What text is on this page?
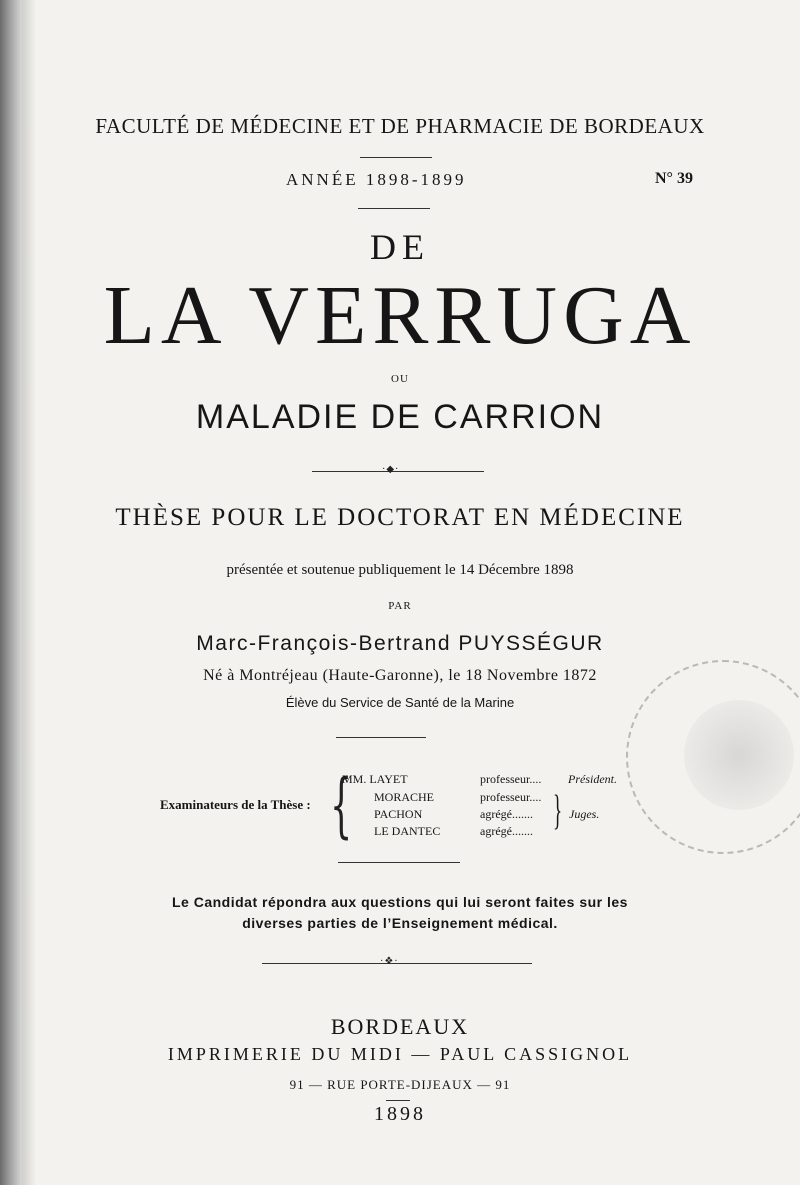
FACULTÉ DE MÉDECINE ET DE PHARMACIE DE BORDEAUX
ANNÉE 1898-1899	N° 39
DE
LA VERRUGA
OU
MALADIE DE CARRION
·◆·
THÈSE POUR LE DOCTORAT EN MÉDECINE
présentée et soutenue publiquement le 14 Décembre 1898
PAR
Marc-François-Bertrand PUYSSÉGUR
Né à Montréjeau (Haute-Garonne), le 18 Novembre 1872
Élève du Service de Santé de la Marine
Examinateurs de la Thèse : {
MM. LAYET	professeur.... Président.
MORACHE	professeur....
PACHON	agrégé.......	Juges.
LE DANTEC	agrégé....... }
Le Candidat répondra aux questions qui lui seront faites sur les
diverses parties de l’Enseignement médical.
·❖·
BORDEAUX
IMPRIMERIE DU MIDI — PAUL CASSIGNOL
91 — RUE PORTE-DIJEAUX — 91
1898
